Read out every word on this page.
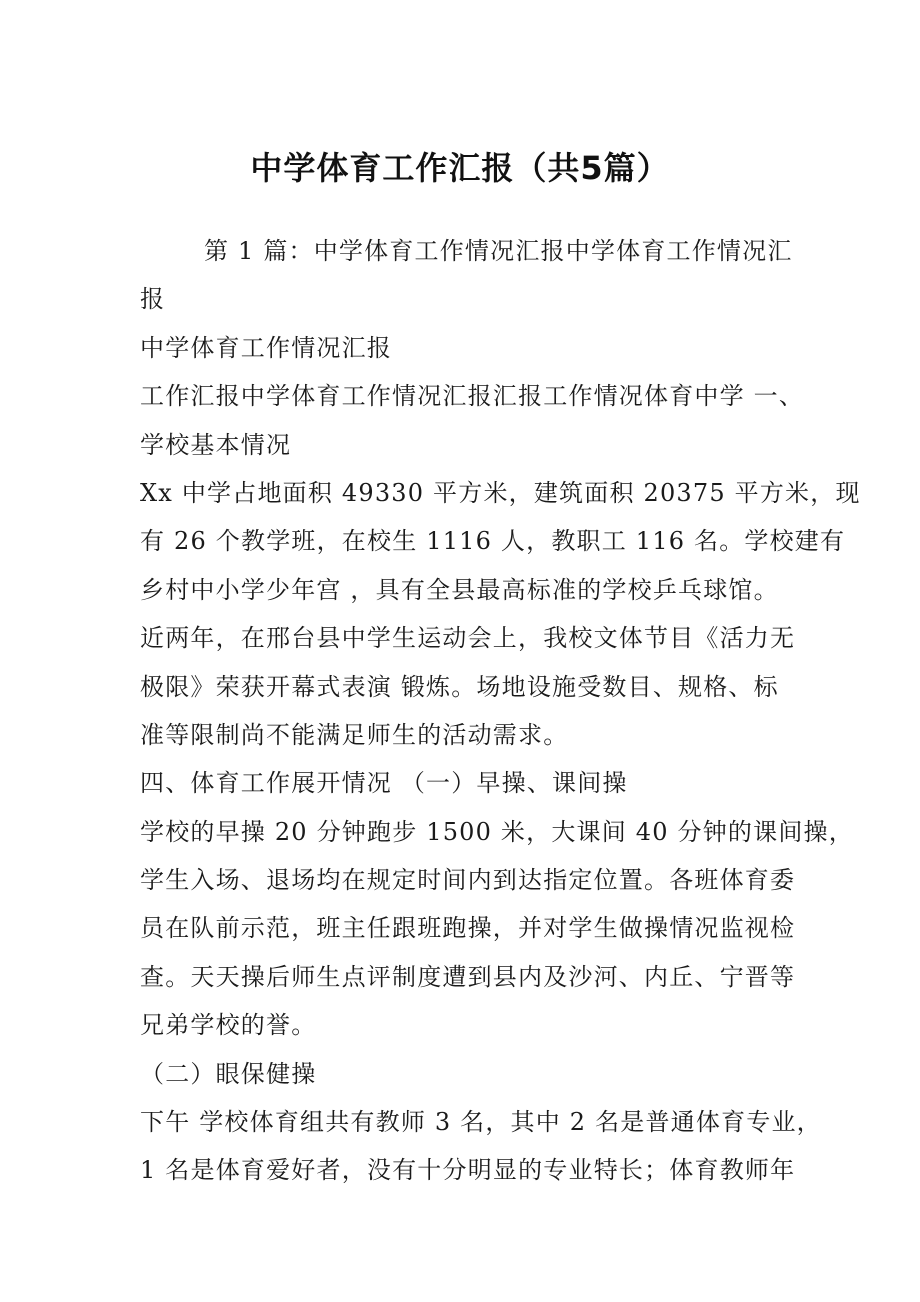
中学体育工作汇报（共5篇）
第 1 篇：中学体育工作情况汇报中学体育工作情况汇
报
中学体育工作情况汇报
工作汇报中学体育工作情况汇报汇报工作情况体育中学 一、
学校基本情况
Xx 中学占地面积 49330 平方米，建筑面积 20375 平方米，现
有 26 个教学班，在校生 1116 人，教职工 116 名。学校建有
乡村中小学少年宫 ，具有全县最高标准的学校乒乓球馆。
近两年，在邢台县中学生运动会上，我校文体节目《活力无
极限》荣获开幕式表演 锻炼。场地设施受数目、规格、标
准等限制尚不能满足师生的活动需求。
四、体育工作展开情况 （一）早操、课间操
学校的早操 20 分钟跑步 1500 米，大课间 40 分钟的课间操，
学生入场、退场均在规定时间内到达指定位置。各班体育委
员在队前示范，班主任跟班跑操，并对学生做操情况监视检
查。天天操后师生点评制度遭到县内及沙河、内丘、宁晋等
兄弟学校的誉。
（二）眼保健操
下午 学校体育组共有教师 3 名，其中 2 名是普通体育专业，
1 名是体育爱好者，没有十分明显的专业特长；体育教师年
